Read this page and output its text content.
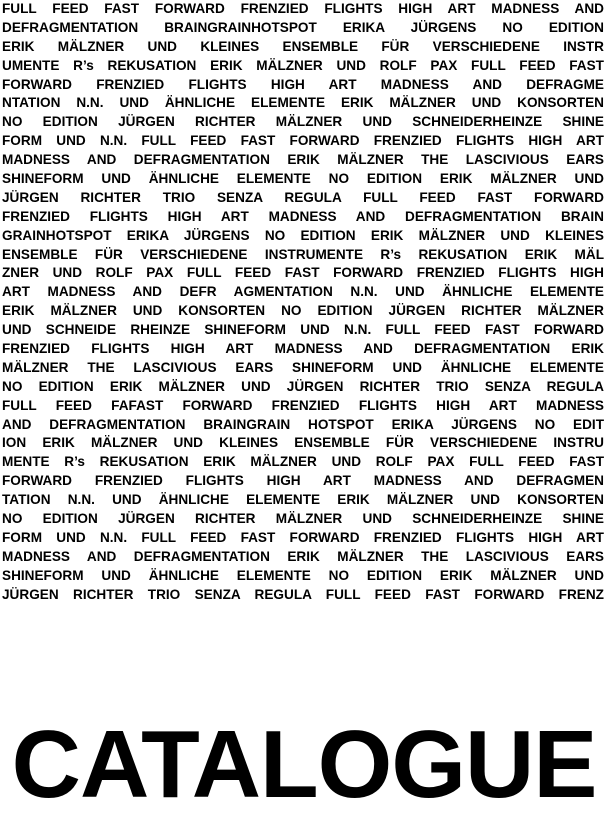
FULL FEED FAST FORWARD FRENZIED FLIGHTS HIGH ART MADNESS AND
DEFRAGMENTATION BRAINGRAINHOTSPOT ERIKA JÜRGENS NO EDITION
ERIK MÄLZNER UND KLEINES ENSEMBLE FÜR VERSCHIEDENE INSTR
UMENTE R’s REKUSATION ERIK MÄLZNER UND ROLF PAX FULL FEED FAST
FORWARD FRENZIED FLIGHTS HIGH ART MADNESS AND DEFRAGME
NTATION N.N. UND ÄHNLICHE ELEMENTE ERIK MÄLZNER UND KONSORTEN
NO EDITION JÜRGEN RICHTER MÄLZNER UND SCHNEIDERHEINZE SHINE
FORM UND N.N. FULL FEED FAST FORWARD FRENZIED FLIGHTS HIGH ART
MADNESS AND DEFRAGMENTATION ERIK MÄLZNER THE LASCIVIOUS EARS
SHINEFORM UND ÄHNLICHE ELEMENTE NO EDITION ERIK MÄLZNER UND
JÜRGEN RICHTER TRIO SENZA REGULA FULL FEED FAST FORWARD
FRENZIED FLIGHTS HIGH ART MADNESS AND DEFRAGMENTATION BRAIN
GRAINHOTSPOT ERIKA JÜRGENS NO EDITION ERIK MÄLZNER UND KLEINES
ENSEMBLE FÜR VERSCHIEDENE INSTRUMENTE R’s REKUSATION ERIK MÄL
ZNER UND ROLF PAX FULL FEED FAST FORWARD FRENZIED FLIGHTS HIGH
ART MADNESS AND DEFR AGMENTATION N.N. UND ÄHNLICHE ELEMENTE
ERIK MÄLZNER UND KONSORTEN NO EDITION JÜRGEN RICHTER MÄLZNER
UND SCHNEIDE RHEINZE SHINEFORM UND N.N. FULL FEED FAST FORWARD
FRENZIED FLIGHTS HIGH ART MADNESS AND DEFRAGMENTATION ERIK
MÄLZNER THE LASCIVIOUS EARS SHINEFORM UND ÄHNLICHE ELEMENTE
NO EDITION ERIK MÄLZNER UND JÜRGEN RICHTER TRIO SENZA REGULA
FULL FEED FAFAST FORWARD FRENZIED FLIGHTS HIGH ART MADNESS
AND DEFRAGMENTATION BRAINGRAIN HOTSPOT ERIKA JÜRGENS NO EDIT
ION ERIK MÄLZNER UND KLEINES ENSEMBLE FÜR VERSCHIEDENE INSTRU
MENTE R’s REKUSATION ERIK MÄLZNER UND ROLF PAX FULL FEED FAST
FORWARD FRENZIED FLIGHTS HIGH ART MADNESS AND DEFRAGMEN
TATION N.N. UND ÄHNLICHE ELEMENTE ERIK MÄLZNER UND KONSORTEN
NO EDITION JÜRGEN RICHTER MÄLZNER UND SCHNEIDERHEINZE SHINE
FORM UND N.N. FULL FEED FAST FORWARD FRENZIED FLIGHTS HIGH ART
MADNESS AND DEFRAGMENTATION ERIK MÄLZNER THE LASCIVIOUS EARS
SHINEFORM UND ÄHNLICHE ELEMENTE NO EDITION ERIK MÄLZNER UND
JÜRGEN RICHTER TRIO SENZA REGULA FULL FEED FAST FORWARD FRENZ
CATALOGUE
